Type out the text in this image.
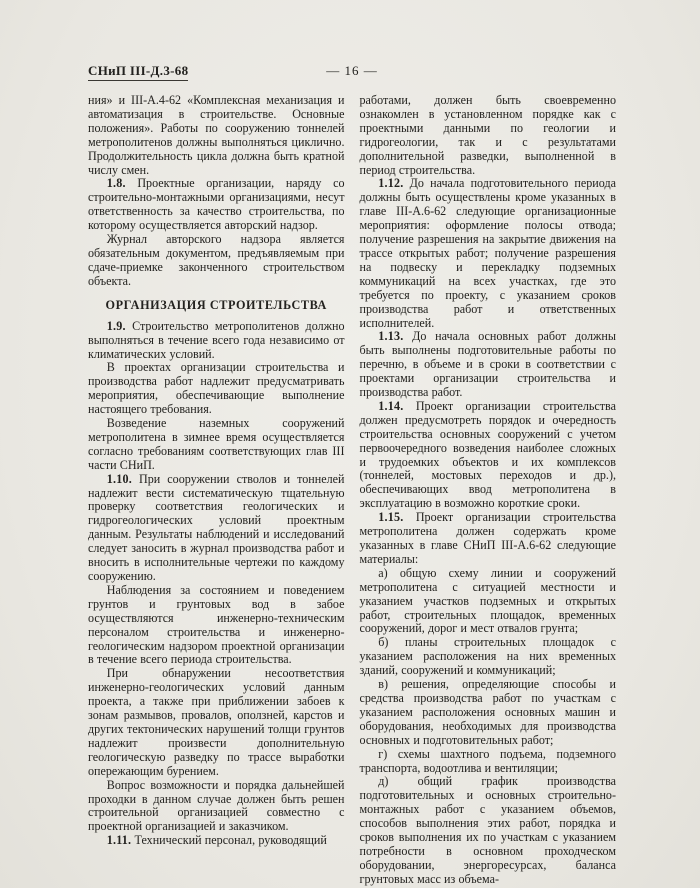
СНиП III-Д.3-68	— 16 —

ния» и III-А.4-62 «Комплексная механизация и автоматизация в строительстве. Основные положения». Работы по сооружению тоннелей метрополитенов должны выполняться циклично. Продолжительность цикла должна быть кратной числу смен.

1.8. Проектные организации, наряду со строительно-монтажными организациями, несут ответственность за качество строительства, по которому осуществляется авторский надзор.

Журнал авторского надзора является обязательным документом, предъявляемым при сдаче-приемке законченного строительством объекта.

ОРГАНИЗАЦИЯ СТРОИТЕЛЬСТВА

1.9. Строительство метрополитенов должно выполняться в течение всего года независимо от климатических условий.

В проектах организации строительства и производства работ надлежит предусматривать мероприятия, обеспечивающие выполнение настоящего требования.

Возведение наземных сооружений метрополитена в зимнее время осуществляется согласно требованиям соответствующих глав III части СНиП.

1.10. При сооружении стволов и тоннелей надлежит вести систематическую тщательную проверку соответствия геологических и гидрогеологических условий проектным данным. Результаты наблюдений и исследований следует заносить в журнал производства работ и вносить в исполнительные чертежи по каждому сооружению.

Наблюдения за состоянием и поведением грунтов и грунтовых вод в забое осуществляются инженерно-техническим персоналом строительства и инженерно-геологическим надзором проектной организации в течение всего периода строительства.

При обнаружении несоответствия инженерно-геологических условий данным проекта, а также при приближении забоев к зонам размывов, провалов, оползней, карстов и других тектонических нарушений толщи грунтов надлежит произвести дополнительную геологическую разведку по трассе выработки опережающим бурением.

Вопрос возможности и порядка дальнейшей проходки в данном случае должен быть решен строительной организацией совместно с проектной организацией и заказчиком.

1.11. Технический персонал, руководящий

работами, должен быть своевременно ознакомлен в установленном порядке как с проектными данными по геологии и гидрогеологии, так и с результатами дополнительной разведки, выполненной в период строительства.

1.12. До начала подготовительного периода должны быть осуществлены кроме указанных в главе III-А.6-62 следующие организационные мероприятия: оформление полосы отвода; получение разрешения на закрытие движения на трассе открытых работ; получение разрешения на подвеску и перекладку подземных коммуникаций на всех участках, где это требуется по проекту, с указанием сроков производства работ и ответственных исполнителей.

1.13. До начала основных работ должны быть выполнены подготовительные работы по перечню, в объеме и в сроки в соответствии с проектами организации строительства и производства работ.

1.14. Проект организации строительства должен предусмотреть порядок и очередность строительства основных сооружений с учетом первоочередного возведения наиболее сложных и трудоемких объектов и их комплексов (тоннелей, мостовых переходов и др.), обеспечивающих ввод метрополитена в эксплуатацию в возможно короткие сроки.

1.15. Проект организации строительства метрополитена должен содержать кроме указанных в главе СНиП III-А.6-62 следующие материалы:

а) общую схему линии и сооружений метрополитена с ситуацией местности и указанием участков подземных и открытых работ, строительных площадок, временных сооружений, дорог и мест отвалов грунта;

б) планы строительных площадок с указанием расположения на них временных зданий, сооружений и коммуникаций;

в) решения, определяющие способы и средства производства работ по участкам с указанием расположения основных машин и оборудования, необходимых для производства основных и подготовительных работ;

г) схемы шахтного подъема, подземного транспорта, водоотлива и вентиляции;

д) общий график производства подготовительных и основных строительно-монтажных работ с указанием объемов, способов выполнения этих работ, порядка и сроков выполнения их по участкам с указанием потребности в основном проходческом оборудовании, энергоресурсах, баланса грунтовых масс из объема-
